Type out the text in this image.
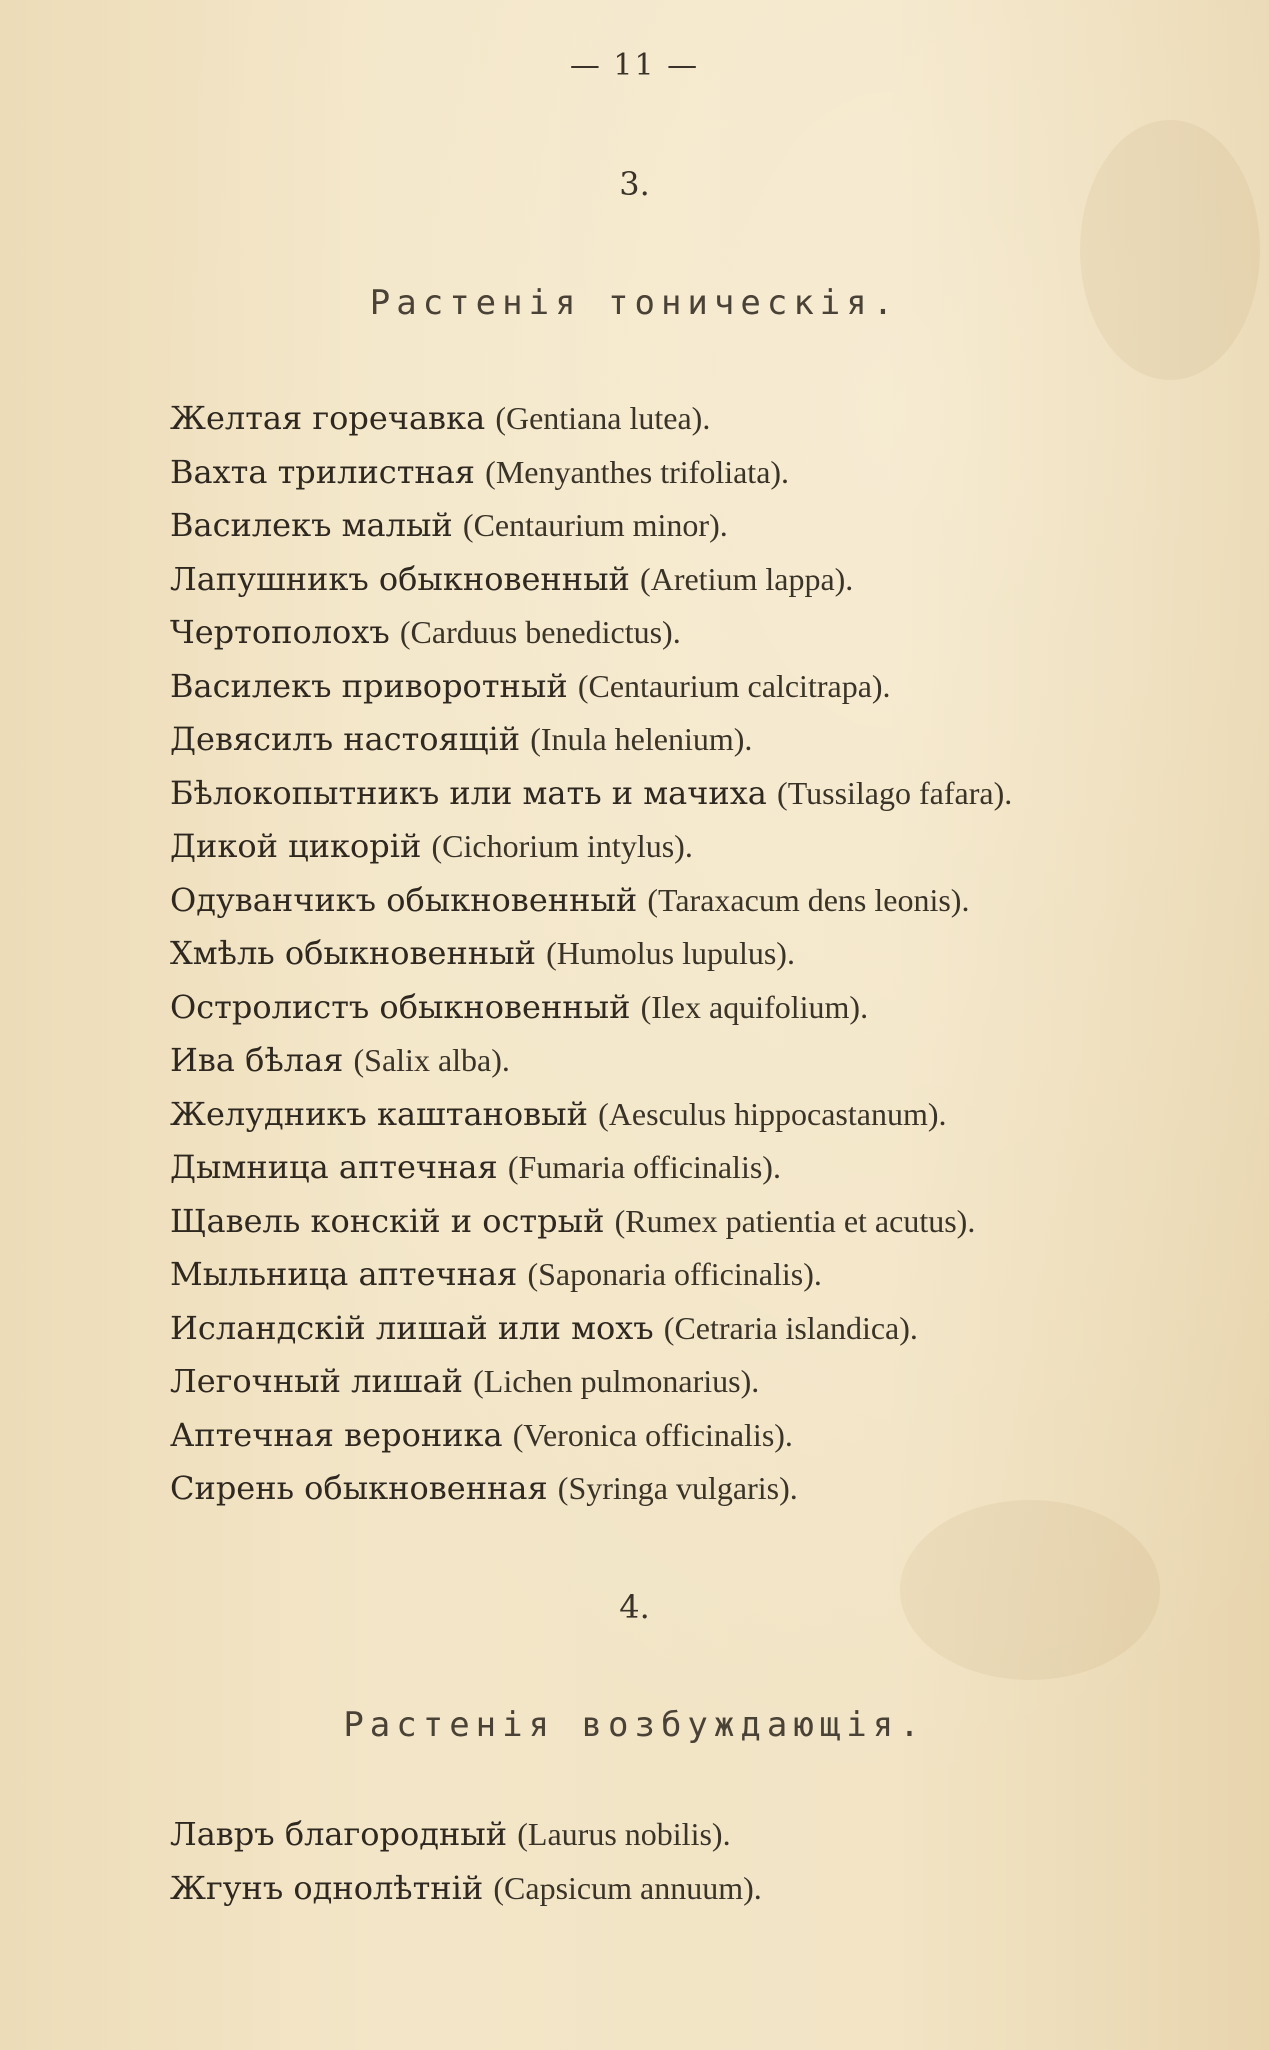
— 11 —
3.
Растенія тоническія.
Желтая горечавка (Gentiana lutea).
Вахта трилистная (Menyanthes trifoliata).
Василекъ малый (Centaurium minor).
Лапушникъ обыкновенный (Aretium lappa).
Чертополохъ (Carduus benedictus).
Василекъ приворотный (Centaurium calcitrapa).
Девясилъ настоящій (Inula helenium).
Бѣлокопытникъ или мать и мачиха (Tussilago fafara).
Дикой цикорій (Cichorium intylus).
Одуванчикъ обыкновенный (Taraxacum dens leonis).
Хмѣль обыкновенный (Humolus lupulus).
Остролистъ обыкновенный (Ilex aquifolium).
Ива бѣлая (Salix alba).
Желудникъ каштановый (Aesculus hippocastanum).
Дымница аптечная (Fumaria officinalis).
Щавель конскій и острый (Rumex patientia et acutus).
Мыльница аптечная (Saponaria officinalis).
Исландскій лишай или мохъ (Cetraria islandica).
Легочный лишай (Lichen pulmonarius).
Аптечная вероника (Veronica officinalis).
Сирень обыкновенная (Syringa vulgaris).
4.
Растенія возбуждающія.
Лавръ благородный (Laurus nobilis).
Жгунъ однолѣтній (Capsicum annuum).
